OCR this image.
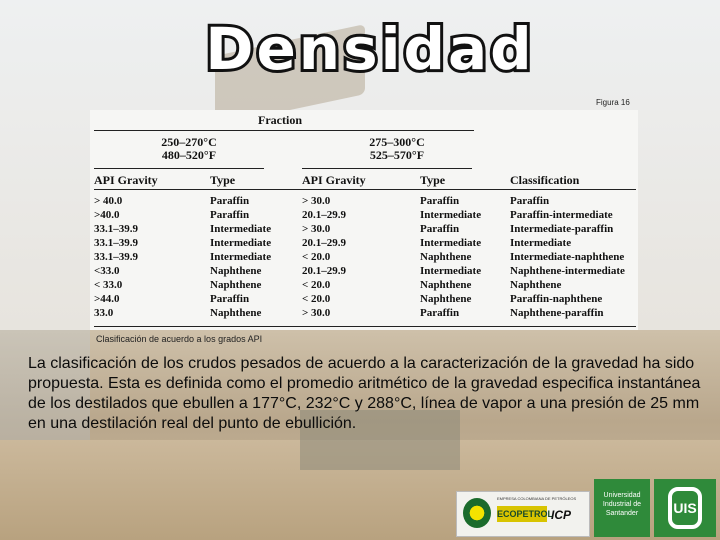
Densidad
Figura 16
Fraction
250–270°C
480–520°F
275–300°C
525–570°F
API Gravity	Type	API Gravity	Type	Classification
> 40.0	Paraffin	> 30.0	Paraffin	Paraffin
>40.0	Paraffin	20.1–29.9	Intermediate	Paraffin-intermediate
33.1–39.9	Intermediate	> 30.0	Paraffin	Intermediate-paraffin
33.1–39.9	Intermediate	20.1–29.9	Intermediate	Intermediate
33.1–39.9	Intermediate	< 20.0	Naphthene	Intermediate-naphthene
<33.0	Naphthene	20.1–29.9	Intermediate	Naphthene-intermediate
< 33.0	Naphthene	< 20.0	Naphthene	Naphthene
>44.0	Paraffin	< 20.0	Naphthene	Paraffin-naphthene
33.0	Naphthene	> 30.0	Paraffin	Naphthene-paraffin
Clasificación de acuerdo a los grados API

La clasificación de los crudos pesados de acuerdo a la caracterización de la gravedad ha sido propuesta. Esta es definida como el promedio aritmético de la gravedad especifica instantánea de los destilados que ebullen a 177°C, 232°C y 288°C, línea de vapor a una presión de 25 mm en una destilación real del punto de ebullición.

EMPRESA COLOMBIANA DE PETRÓLEOS
ECOPETROL
ICP
Universidad Industrial de Santander	UIS
